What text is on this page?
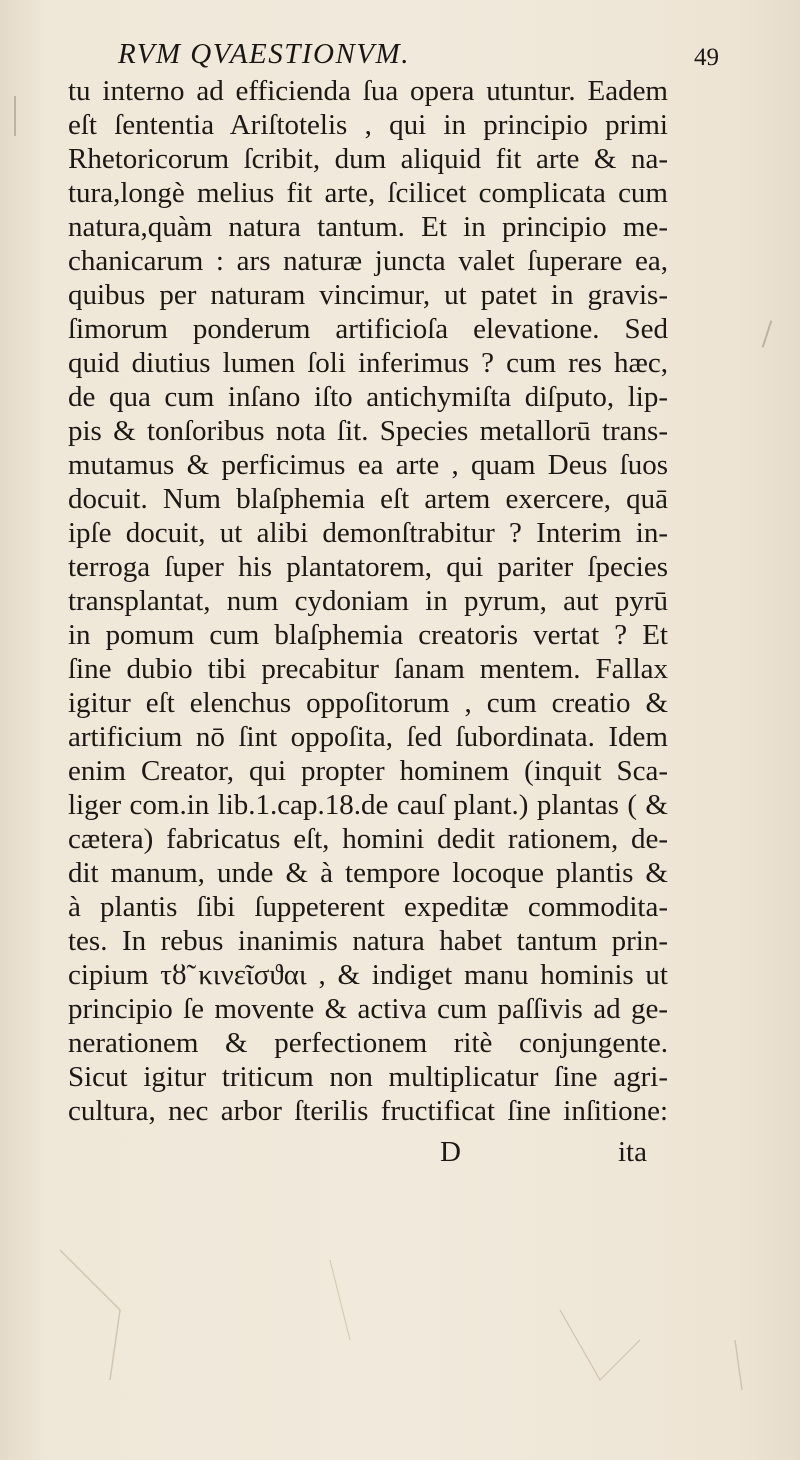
RVM QVAESTIONVM.	49
tu interno ad efficienda ſua opera utuntur. Eadem
eſt ſententia Ariſtotelis , qui in principio primi
Rhetoricorum ſcribit, dum aliquid fit arte & na-
tura,longè melius fit arte, ſcilicet complicata cum
natura,quàm natura tantum. Et in principio me-
chanicarum : ars naturæ juncta valet ſuperare ea,
quibus per naturam vincimur, ut patet in gravis-
ſimorum ponderum artificioſa elevatione. Sed
quid diutius lumen ſoli inferimus ? cum res hæc,
de qua cum inſano iſto antichymiſta diſputo, lip-
pis & tonſoribus nota ſit. Species metallorū trans-
mutamus & perficimus ea arte , quam Deus ſuos
docuit. Num blaſphemia eſt artem exercere, quā
ipſe docuit, ut alibi demonſtrabitur ? Interim in-
terroga ſuper his plantatorem, qui pariter ſpecies
transplantat, num cydoniam in pyrum, aut pyrū
in pomum cum blaſphemia creatoris vertat ? Et
ſine dubio tibi precabitur ſanam mentem. Fallax
igitur eſt elenchus oppoſitorum , cum creatio &
artificium nō ſint oppoſita, ſed ſubordinata. Idem
enim Creator, qui propter hominem (inquit Sca-
liger com.in lib.1.cap.18.de cauſ plant.) plantas ( &
cætera) fabricatus eſt, homini dedit rationem, de-
dit manum, unde & à tempore locoque plantis &
à plantis ſibi ſuppeterent expeditæ commodita-
tes. In rebus inanimis natura habet tantum prin-
cipium τȣ̃ κινεῖσϑαι , & indiget manu hominis ut
principio ſe movente & activa cum paſſivis ad ge-
nerationem & perfectionem ritè conjungente.
Sicut igitur triticum non multiplicatur ſine agri-
cultura, nec arbor ſterilis fructificat ſine inſitione:
D	ita
